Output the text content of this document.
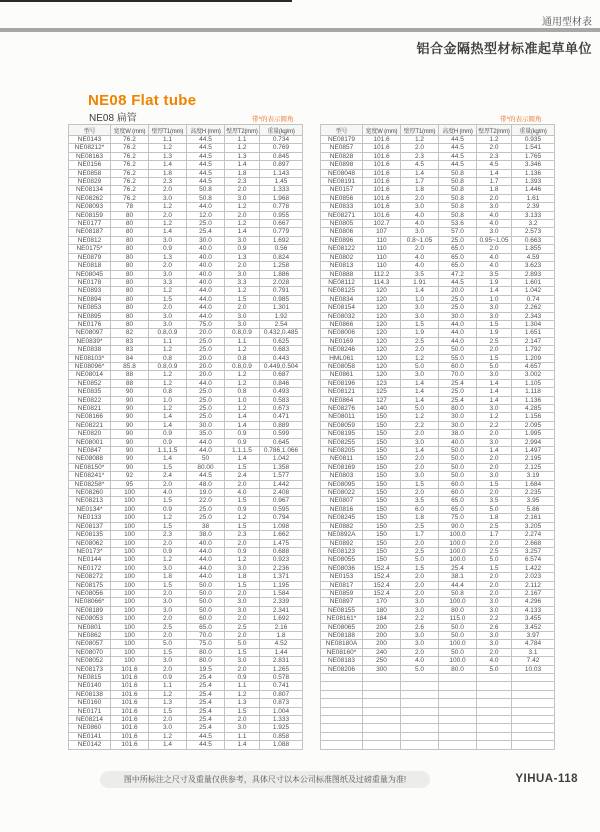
通用型材表
铝合金隔热型材标准起草单位
NE08 Flat tube
NE08 扁管	带*的表示圆角	带*的表示圆角
型号	宽度W (mm)	壁厚T1(mm)	高度H (mm)	壁厚T2(mm)	重量(kg/m)
NE0143	76.2	1.1	44.5	1.1	0.734
NE08212*	76.2	1.2	44.5	1.2	0.769
NE08163	76.2	1.3	44.5	1.3	0.845
NE0156	76.2	1.4	44.5	1.4	0.897
NE0858	76.2	1.8	44.5	1.8	1.143
NE0829	76.2	2.3	44.5	2.3	1.45
NE08134	76.2	2.0	50.8	2.0	1.333
NE08262	76.2	3.0	50.8	3.0	1.968
NE08093	78	1.2	44.0	1.2	0.778
NE08159	80	2.0	12.0	2.0	0.955
NE0177	80	1.2	25.0	1.2	0.667
NE08187	80	1.4	25.4	1.4	0.779
NE0812	80	3.0	30.0	3.0	1.692
NE0175*	80	0.9	40.0	0.9	0.56
NE0879	80	1.3	40.0	1.3	0.824
NE0818	80	2.0	40.0	2.0	1.258
NE08045	80	3.0	40.0	3.0	1.886
NE0178	80	3.3	40.0	3.3	2.028
NE0893	80	1.2	44.0	1.2	0.791
NE0894	80	1.5	44.0	1.5	0.985
NE0853	80	2.0	44.0	2.0	1.301
NE0895	80	3.0	44.0	3.0	1.92
NE0176	80	3.0	75.0	3.0	2.54
NE08097	82	0.8,0.9	20.0	0.8,0.9	0.432,0.485
NE0839*	83	1.1	25.0	1.1	0.625
NE0838	83	1.2	25.0	1.2	0.683
NE08103*	84	0.8	20.0	0.8	0.443
NE08096*	85.8	0.8,0.9	20.0	0.8,0.9	0.449,0.504
NE08014	88	1.2	20.0	1.2	0.687
NE0852	88	1.2	44.0	1.2	0.846
NE0835	90	0.8	25.0	0.8	0.493
NE0822	90	1.0	25.0	1.0	0.583
NE0821	90	1.2	25.0	1.2	0.673
NE08166	90	1.4	25.0	1.4	0.471
NE08221	90	1.4	30.0	1.4	0.889
NE0820	90	0.9	35.0	0.9	0.599
NE08001	90	0.9	44.0	0.9	0.645
NE0847	90	1.1,1.5	44.0	1.1,1.5	0.786,1.066
NE08088	90	1.4	50	1.4	1.042
NE08150*	90	1.5	80.00	1.5	1.358
NE08241*	92	2.4	44.5	2.4	1.577
NE08258*	95	2.0	48.0	2.0	1.442
NE08260	100	4.0	19.0	4.0	2.408
NE08213	100	1.5	22.0	1.5	0.967
NE0134*	100	0.9	25.0	0.9	0.595
NE0133	100	1.2	25.0	1.2	0.794
NE08137	100	1.5	38	1.5	1.098
NE08135	100	2.3	38.0	2.3	1.662
NE08062	100	2.0	40.0	2.0	1.475
NE0173*	100	0.9	44.0	0.9	0.688
NE0144	100	1.2	44.0	1.2	0.923
NE0172	100	3.0	44.0	3.0	2.236
NE08272	100	1.8	44.0	1.8	1.371
NE08175	100	1.5	50.0	1.5	1.195
NE08056	100	2.0	50.0	2.0	1.584
NE08066*	100	3.0	50.0	3.0	2.339
NE08189	100	3.0	50.0	3.0	2.341
NE08053	100	2.0	60.0	2.0	1.692
NE0801	100	2.5	65.0	2.5	2.16
NE0862	100	2.0	70.0	2.0	1.8
NE08057	100	5.0	75.0	5.0	4.52
NE08070	100	1.5	80.0	1.5	1.44
NE08052	100	3.0	80.0	3.0	2.831
NE08173	101.6	2.0	19.5	2.0	1.265
NE0815	101.6	0.9	25.4	0.9	0.578
NE0140	101.6	1.1	25.4	1.1	0.741
NE08138	101.6	1.2	25.4	1.2	0.807
NE0160	101.6	1.3	25.4	1.3	0.873
NE0171	101.6	1.5	25.4	1.5	1.004
NE08214	101.6	2.0	25.4	2.0	1.333
NE0860	101.6	3.0	25.4	3.0	1.925
NE0141	101.6	1.2	44.5	1.1	0.858
NE0142	101.6	1.4	44.5	1.4	1.088
型号	宽度W (mm)	壁厚T1(mm)	高度H (mm)	壁厚T2(mm)	重量(kg/m)
NE08179	101.6	1.2	44.5	1.2	0.935
NE0857	101.6	2.0	44.5	2.0	1.541
NE0828	101.6	2.3	44.5	2.3	1.765
NE0898	101.6	4.5	44.5	4.5	3.346
NE08048	101.6	1.4	50.8	1.4	1.136
NE08191	101.6	1.7	50.8	1.7	1.393
NE0157	101.6	1.8	50.8	1.8	1.446
NE0856	101.6	2.0	50.8	2.0	1.61
NE0833	101.6	3.0	50.8	3.0	2.39
NE08271	101.6	4.0	50.8	4.0	3.133
NE0805	102.7	4.0	53.6	4.0	3.2
NE0806	107	3.0	57.0	3.0	2.573
NE0896	110	0.8~1.05	25.0	0.95~1.05	0.663
NE08122	110	2.0	65.0	2.0	1.855
NE0802	110	4.0	65.0	4.0	4.59
NE0813	110	4.0	65.0	4.0	3.623
NE0888	112.2	3.5	47.2	3.5	2.893
NE08112	114.3	1.91	44.5	1.9	1.601
NE08125	120	1.4	20.0	1.4	1.042
NE0834	120	1.0	25.0	1.0	0.74
NE08154	120	3.0	25.0	3.0	2.262
NE08032	120	3.0	30.0	3.0	2.343
NE0866	120	1.5	44.0	1.5	1.304
NE08006	120	1.9	44.0	1.9	1.651
NE0169	120	2.5	44.0	2.5	2.147
NE08246	120	2.0	50.0	2.0	1.792
HML061	120	1.2	55.0	1.5	1.209
NE08058	120	5.0	60.0	5.0	4.657
NE0861	120	3.0	70.0	3.0	3.002
NE08196	123	1.4	25.4	1.4	1.105
NE08121	125	1.4	25.0	1.4	1.118
NE0864	127	1.4	25.4	1.4	1.136
NE08276	140	5.0	80.0	3.0	4.285
NE08011	150	1.2	30.0	1.2	1.156
NE08059	150	2.2	30.0	2.2	2.095
NE08195	150	2.0	38.0	2.0	1.995
NE08255	150	3.0	40.0	3.0	2.994
NE08205	150	1.4	50.0	1.4	1.497
NE0811	150	2.0	50.0	2.0	2.195
NE08169	150	2.0	50.0	2.0	2.125
NE0803	150	3.0	50.0	3.0	3.19
NE08095	150	1.5	60.0	1.5	1.684
NE08022	150	2.0	60.0	2.0	2.235
NE0807	150	3.5	65.0	3.5	3.95
NE0816	150	6.0	65.0	5.0	5.86
NE08245	150	1.8	75.0	1.8	2.161
NE0882	150	2.5	90.0	2.5	3.205
NE0892A	150	1.7	100.0	1.7	2.274
NE0892	150	2.0	100.0	2.0	2.668
NE08123	150	2.5	100.0	2.5	3.257
NE08055	150	5.0	100.0	5.0	6.574
NE08036	152.4	1.5	25.4	1.5	1.422
NE0153	152.4	2.0	38.1	2.0	2.023
NE0817	152.4	2.0	44.4	2.0	2.112
NE0859	152.4	2.0	50.8	2.0	2.167
NE0897	170	3.0	100.0	3.0	4.296
NE08155	180	3.0	80.0	3.0	4.133
NE08161*	184	2.2	115.0	2.2	3.455
NE08065	200	2.6	50.0	2.6	3.452
NE08188	200	3.0	50.0	3.0	3.97
NE08180A	200	3.0	100.0	3.0	4.784
NE08160*	240	2.0	50.0	2.0	3.1
NE08183	250	4.0	100.0	4.0	7.42
NE08206	300	5.0	80.0	5.0	10.03

图中所标注之尺寸及重量仅供参考，具体尺寸以本公司标准图纸及过磅重量为准!	YIHUA-118
